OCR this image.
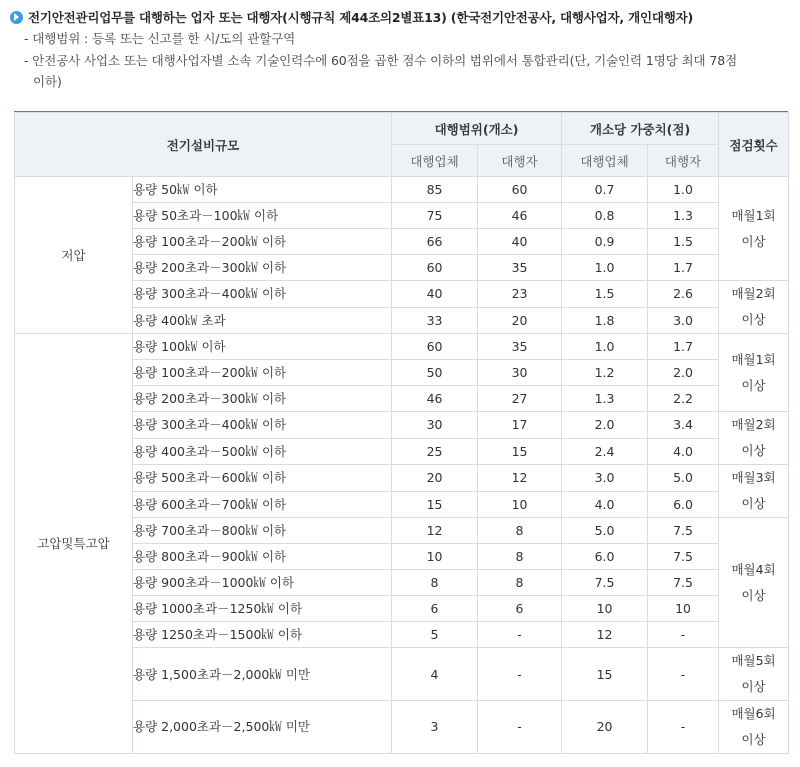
전기안전관리업무를 대행하는 업자 또는 대행자(시행규칙 제44조의2별표13) (한국전기안전공사, 대행사업자, 개인대행자)
- 대행범위 : 등록 또는 신고를 한 시/도의 관할구역
- 안전공사 사업소 또는 대행사업자별 소속 기술인력수에 60점을 곱한 점수 이하의 범위에서 통합관리(단, 기술인력 1명당 최대 78점
이하)
전기설비규모		대행범위(개소)		개소당 가중치(점)		점검횟수
		대행업체	대행자	대행업체	대행자	
저압	용량 50㎾ 이하	85	60	0.7	1.0	매월1회
이상

	용량 50초과－100㎾ 이하	75	46	0.8	1.3	
	용량 100초과－200㎾ 이하	66	40	0.9	1.5	
	용량 200초과－300㎾ 이하	60	35	1.0	1.7	
	용량 300초과－400㎾ 이하	40	23	1.5	2.6	매월2회
이상

	용량 400㎾ 초과	33	20	1.8	3.0	
고압및특고압	용량 100㎾ 이하	60	35	1.0	1.7	매월1회
이상

	용량 100초과－200㎾ 이하	50	30	1.2	2.0	
	용량 200초과－300㎾ 이하	46	27	1.3	2.2	
	용량 300초과－400㎾ 이하	30	17	2.0	3.4	매월2회
이상

	용량 400초과－500㎾ 이하	25	15	2.4	4.0	
	용량 500초과－600㎾ 이하	20	12	3.0	5.0	매월3회
이상

	용량 600초과－700㎾ 이하	15	10	4.0	6.0	
	용량 700초과－800㎾ 이하	12	8	5.0	7.5	매월4회
이상

	용량 800초과－900㎾ 이하	10	8	6.0	7.5	
	용량 900초과－1000㎾ 이하	8	8	7.5	7.5	
	용량 1000초과－1250㎾ 이하	6	6	10	10	
	용량 1250초과－1500㎾ 이하	5	-	12	-	
	용량 1,500초과－2,000㎾ 미만	4	-	15	-	매월5회
이상

	용량 2,000초과－2,500㎾ 미만	3	-	20	-	매월6회
이상
